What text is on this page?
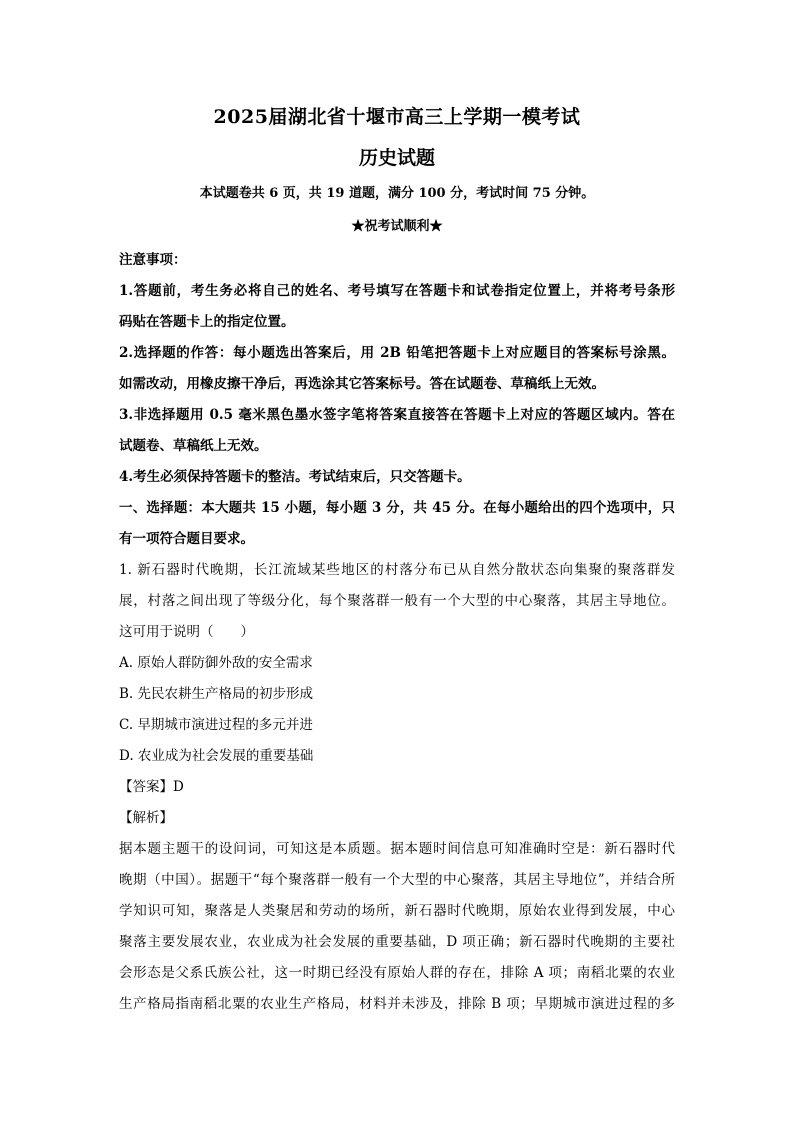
2025届湖北省十堰市高三上学期一模考试
历史试题
本试题卷共 6 页，共 19 道题，满分 100 分，考试时间 75 分钟。
★祝考试顺利★
注意事项：
1.答题前，考生务必将自己的姓名、考号填写在答题卡和试卷指定位置上，并将考号条形
码贴在答题卡上的指定位置。
2.选择题的作答：每小题选出答案后，用 2B 铅笔把答题卡上对应题目的答案标号涂黑。
如需改动，用橡皮擦干净后，再选涂其它答案标号。答在试题卷、草稿纸上无效。
3.非选择题用 0.5 毫米黑色墨水签字笔将答案直接答在答题卡上对应的答题区域内。答在
试题卷、草稿纸上无效。
4.考生必须保持答题卡的整洁。考试结束后，只交答题卡。
一、选择题：本大题共 15 小题，每小题 3 分，共 45 分。在每小题给出的四个选项中，只
有一项符合题目要求。
1. 新石器时代晚期，长江流域某些地区的村落分布已从自然分散状态向集聚的聚落群发
展，村落之间出现了等级分化，每个聚落群一般有一个大型的中心聚落，其居主导地位。
这可用于说明（　　）
A. 原始人群防御外敌的安全需求
B. 先民农耕生产格局的初步形成
C. 早期城市演进过程的多元并进
D. 农业成为社会发展的重要基础
【答案】D
【解析】
据本题主题干的设问词，可知这是本质题。据本题时间信息可知准确时空是：新石器时代
晚期（中国）。据题干“每个聚落群一般有一个大型的中心聚落，其居主导地位”，并结合所
学知识可知，聚落是人类聚居和劳动的场所，新石器时代晚期，原始农业得到发展，中心
聚落主要发展农业，农业成为社会发展的重要基础，D 项正确；新石器时代晚期的主要社
会形态是父系氏族公社，这一时期已经没有原始人群的存在，排除 A 项；南稻北粟的农业
生产格局指南稻北粟的农业生产格局，材料并未涉及，排除 B 项；早期城市演进过程的多
